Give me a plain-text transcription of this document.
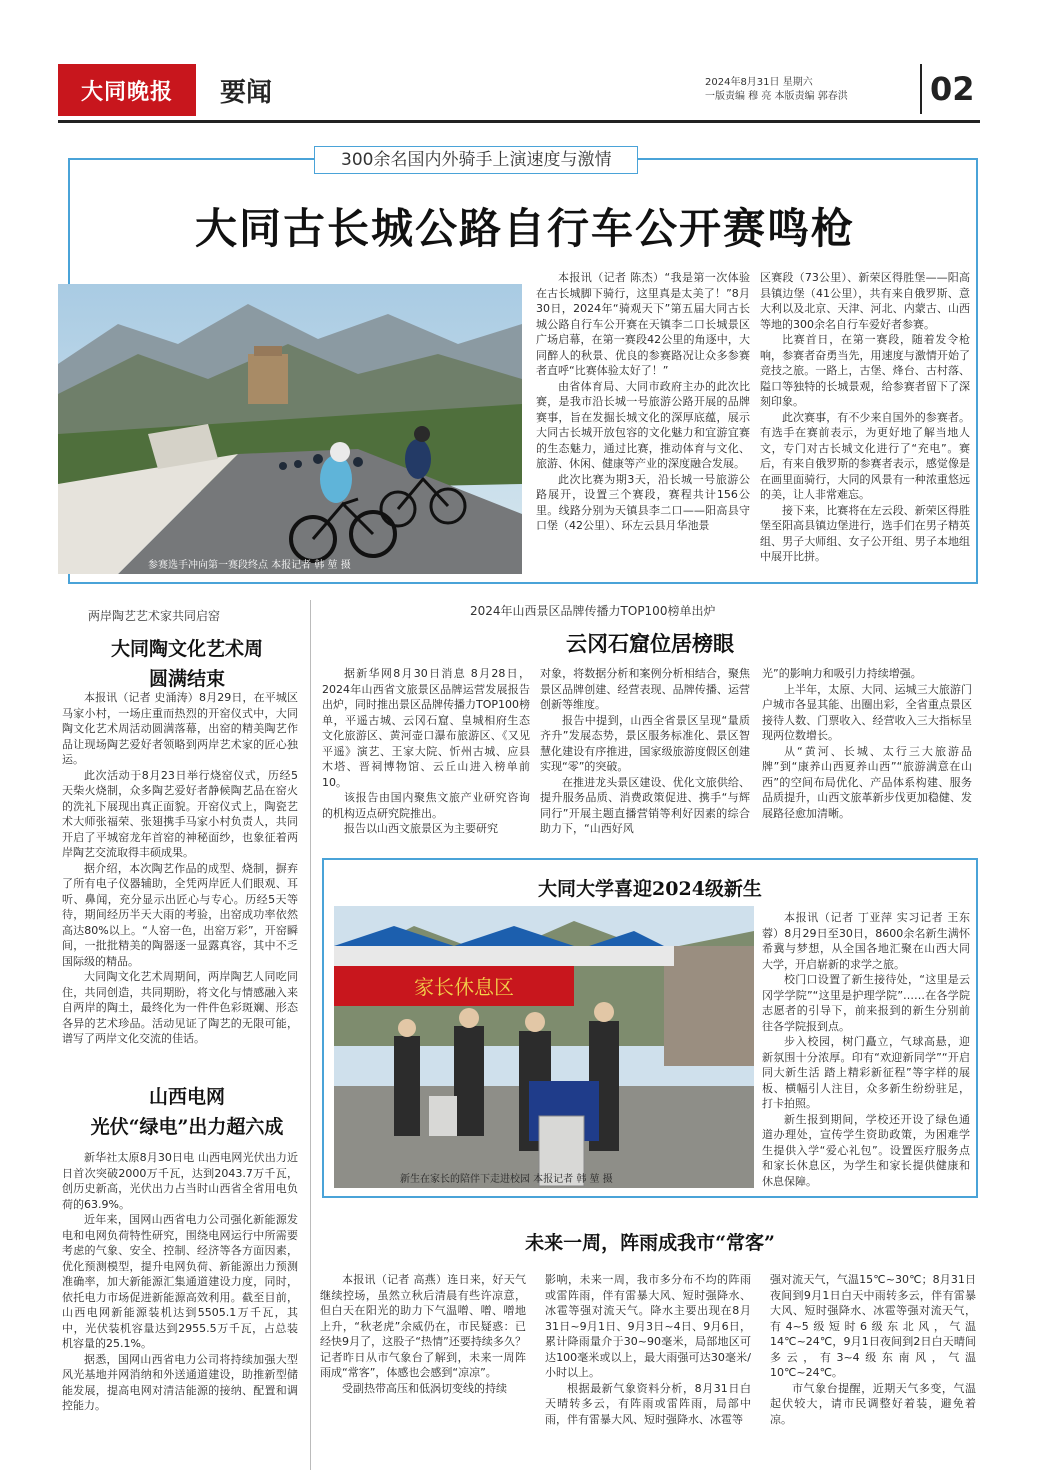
大同晚报	要闻	2024年8月31日 星期六
一版责编 穆 亮 本版责编 郭春洪	02
300余名国内外骑手上演速度与激情
大同古长城公路自行车公开赛鸣枪
参赛选手冲向第一赛段终点 本报记者 韩 堃 摄

本报讯（记者 陈杰）“我是第一次体验在古长城脚下骑行，这里真是太美了！”8月30日，2024年“骑观天下”第五届大同古长城公路自行车公开赛在天镇李二口长城景区广场启幕，在第一赛段42公里的角逐中，大同醉人的秋景、优良的参赛路况让众多参赛者直呼“比赛体验太好了！”

由省体育局、大同市政府主办的此次比赛，是我市沿长城一号旅游公路开展的品牌赛事，旨在发掘长城文化的深厚底蕴，展示大同古长城开放包容的文化魅力和宜游宜赛的生态魅力，通过比赛，推动体育与文化、旅游、休闲、健康等产业的深度融合发展。

此次比赛为期3天，沿长城一号旅游公路展开，设置三个赛段，赛程共计156公里。线路分别为天镇县李二口——阳高县守口堡（42公里）、环左云县月华池景

区赛段（73公里）、新荣区得胜堡——阳高县镇边堡（41公里），共有来自俄罗斯、意大利以及北京、天津、河北、内蒙古、山西等地的300余名自行车爱好者参赛。

比赛首日，在第一赛段，随着发令枪响，参赛者奋勇当先，用速度与激情开始了竞技之旅。一路上，古堡、烽台、古村落、隘口等独特的长城景观，给参赛者留下了深刻印象。

此次赛事，有不少来自国外的参赛者。有选手在赛前表示，为更好地了解当地人文，专门对古长城文化进行了“充电”。赛后，有来自俄罗斯的参赛者表示，感觉像是在画里面骑行，大同的风景有一种浓重悠远的美，让人非常难忘。

接下来，比赛将在左云段、新荣区得胜堡至阳高县镇边堡进行，选手们在男子精英组、男子大师组、女子公开组、男子本地组中展开比拼。

两岸陶艺艺术家共同启窑
大同陶文化艺术周
圆满结束

本报讯（记者 史涌涛）8月29日，在平城区马家小村，一场庄重而热烈的开窑仪式中，大同陶文化艺术周活动圆满落幕，出窑的精美陶艺作品让现场陶艺爱好者领略到两岸艺术家的匠心独运。

此次活动于8月23日举行烧窑仪式，历经5天柴火烧制，众多陶艺爱好者静候陶艺品在窑火的洗礼下展现出真正面貌。开窑仪式上，陶瓷艺术大师张福荣、张翅携手马家小村负责人，共同开启了平城窑龙年首窑的神秘面纱，也象征着两岸陶艺交流取得丰硕成果。

据介绍，本次陶艺作品的成型、烧制，摒弃了所有电子仪器辅助，全凭两岸匠人们眼观、耳听、鼻闻，充分显示出匠心与专心。历经5天等待，期间经历半天大雨的考验，出窑成功率依然高达80%以上。“人窑一色，出窑万彩”，开窑瞬间，一批批精美的陶器逐一显露真容，其中不乏国际级的精品。

大同陶文化艺术周期间，两岸陶艺人同吃同住，共同创造，共同期盼，将文化与情感融入来自两岸的陶土，最终化为一件件色彩斑斓、形态各异的艺术珍品。活动见证了陶艺的无限可能，谱写了两岸文化交流的佳话。

山西电网
光伏“绿电”出力超六成

新华社太原8月30日电 山西电网光伏出力近日首次突破2000万千瓦，达到2043.7万千瓦，创历史新高，光伏出力占当时山西省全省用电负荷的63.9%。

近年来，国网山西省电力公司强化新能源发电和电网负荷特性研究，围绕电网运行中所需要考虑的气象、安全、控制、经济等各方面因素，优化预测模型，提升电网负荷、新能源出力预测准确率，加大新能源汇集通道建设力度，同时，依托电力市场促进新能源高效利用。截至目前，山西电网新能源装机达到5505.1万千瓦，其中，光伏装机容量达到2955.5万千瓦，占总装机容量的25.1%。

据悉，国网山西省电力公司将持续加强大型风光基地并网消纳和外送通道建设，助推新型储能发展，提高电网对清洁能源的接纳、配置和调控能力。

2024年山西景区品牌传播力TOP100榜单出炉
云冈石窟位居榜眼

据新华网8月30日消息 8月28日，2024年山西省文旅景区品牌运营发展报告出炉，同时推出景区品牌传播力TOP100榜单，平遥古城、云冈石窟、皇城相府生态文化旅游区、黄河壶口瀑布旅游区、《又见平遥》演艺、王家大院、忻州古城、应县木塔、晋祠博物馆、云丘山进入榜单前10。

该报告由国内聚焦文旅产业研究咨询的机构迈点研究院推出。

报告以山西文旅景区为主要研究

对象，将数据分析和案例分析相结合，聚焦景区品牌创建、经营表现、品牌传播、运营创新等维度。

报告中提到，山西全省景区呈现“量质齐升”发展态势，景区服务标准化、景区智慧化建设有序推进，国家级旅游度假区创建实现“零”的突破。

在推进龙头景区建设、优化文旅供给、提升服务品质、消费政策促进、携手“与辉同行”开展主题直播营销等利好因素的综合助力下，“山西好风

光”的影响力和吸引力持续增强。

上半年，太原、大同、运城三大旅游门户城市各显其能、出圈出彩，全省重点景区接待人数、门票收入、经营收入三大指标呈现两位数增长。

从“黄河、长城、太行三大旅游品牌”到“康养山西夏养山西”“旅游满意在山西”的空间布局优化、产品体系构建、服务品质提升，山西文旅革新步伐更加稳健、发展路径愈加清晰。

大同大学喜迎2024级新生
家长休息区
新生在家长的陪伴下走进校园 本报记者 韩 堃 摄

本报讯（记者 丁亚萍 实习记者 王东蓉）8月29日至30日，8600余名新生满怀希冀与梦想，从全国各地汇聚在山西大同大学，开启崭新的求学之旅。

校门口设置了新生接待处，“这里是云冈学学院”“这里是护理学院”……在各学院志愿者的引导下，前来报到的新生分别前往各学院报到点。

步入校园，树门矗立，气球高悬，迎新氛围十分浓厚。印有“欢迎新同学”“开启同大新生活 踏上精彩新征程”等字样的展板、横幅引人注目，众多新生纷纷驻足，打卡拍照。

新生报到期间，学校还开设了绿色通道办理处，宣传学生资助政策，为困难学生提供入学“爱心礼包”。设置医疗服务点和家长休息区，为学生和家长提供健康和休息保障。

未来一周，阵雨成我市“常客”

本报讯（记者 高燕）连日来，好天气继续控场，虽然立秋后清晨有些许凉意，但白天在阳光的助力下气温噌、噌、噌地上升，“秋老虎”余威仍在，市民疑惑：已经快9月了，这股子“热情”还要持续多久？记者昨日从市气象台了解到，未来一周阵雨成“常客”，体感也会感到“凉凉”。

受副热带高压和低涡切变线的持续

影响，未来一周，我市多分布不均的阵雨或雷阵雨，伴有雷暴大风、短时强降水、冰雹等强对流天气。降水主要出现在8月31日~9月1日、9月3日~4日、9月6日，累计降雨量介于30~90毫米，局部地区可达100毫米或以上，最大雨强可达30毫米/小时以上。

根据最新气象资料分析，8月31日白天晴转多云，有阵雨或雷阵雨，局部中雨，伴有雷暴大风、短时强降水、冰雹等

强对流天气，气温15℃~30℃；8月31日夜间到9月1日白天中雨转多云，伴有雷暴大风、短时强降水、冰雹等强对流天气，有4~5级短时6级东北风，气温14℃~24℃，9月1日夜间到2日白天晴间多云，有3~4级东南风，气温10℃~24℃。

市气象台提醒，近期天气多变，气温起伏较大，请市民调整好着装，避免着凉。
